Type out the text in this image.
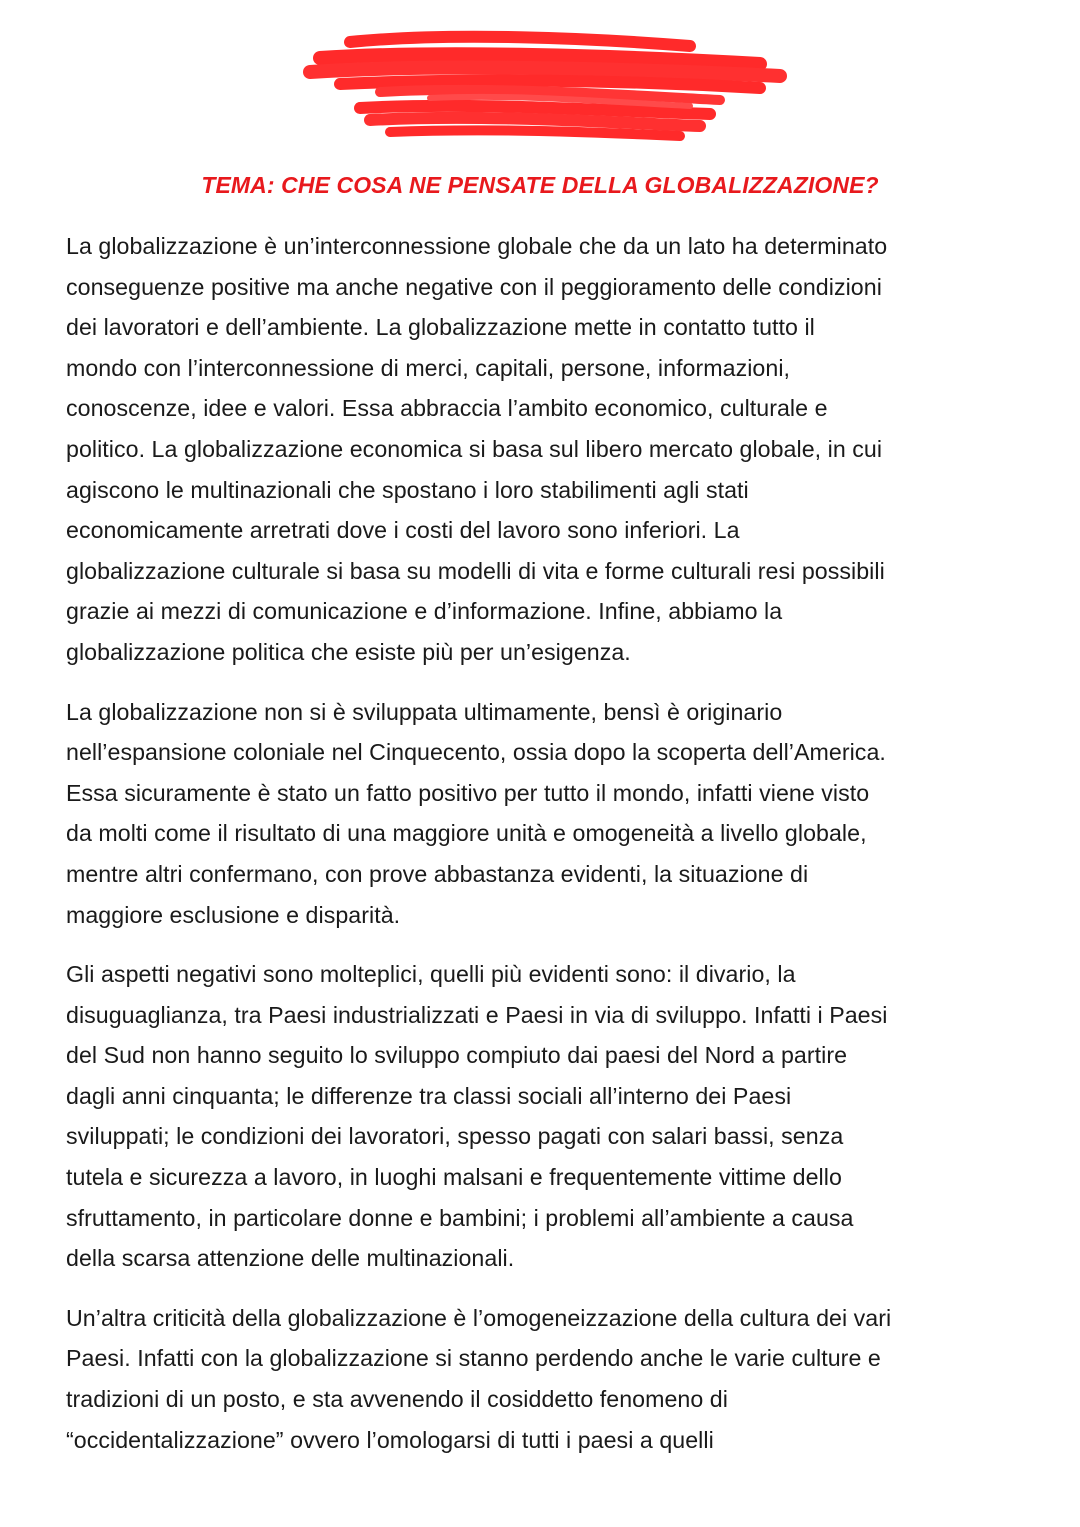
TEMA: CHE COSA NE PENSATE DELLA GLOBALIZZAZIONE?

La globalizzazione è un’interconnessione globale che da un lato ha determinato
conseguenze positive ma anche negative con il peggioramento delle condizioni
dei lavoratori e dell’ambiente. La globalizzazione mette in contatto tutto il
mondo con l’interconnessione di merci, capitali, persone, informazioni,
conoscenze, idee e valori. Essa abbraccia l’ambito economico, culturale e
politico. La globalizzazione economica si basa sul libero mercato globale, in cui
agiscono le multinazionali che spostano i loro stabilimenti agli stati
economicamente arretrati dove i costi del lavoro sono inferiori. La
globalizzazione culturale si basa su modelli di vita e forme culturali resi possibili
grazie ai mezzi di comunicazione e d’informazione. Infine, abbiamo la
globalizzazione politica che esiste più per un’esigenza.

La globalizzazione non si è sviluppata ultimamente, bensì è originario
nell’espansione coloniale nel Cinquecento, ossia dopo la scoperta dell’America.
Essa sicuramente è stato un fatto positivo per tutto il mondo, infatti viene visto
da molti come il risultato di una maggiore unità e omogeneità a livello globale,
mentre altri confermano, con prove abbastanza evidenti, la situazione di
maggiore esclusione e disparità.

Gli aspetti negativi sono molteplici, quelli più evidenti sono: il divario, la
disuguaglianza, tra Paesi industrializzati e Paesi in via di sviluppo. Infatti i Paesi
del Sud non hanno seguito lo sviluppo compiuto dai paesi del Nord a partire
dagli anni cinquanta; le differenze tra classi sociali all’interno dei Paesi
sviluppati; le condizioni dei lavoratori, spesso pagati con salari bassi, senza
tutela e sicurezza a lavoro, in luoghi malsani e frequentemente vittime dello
sfruttamento, in particolare donne e bambini; i problemi all’ambiente a causa
della scarsa attenzione delle multinazionali.

Un’altra criticità della globalizzazione è l’omogeneizzazione della cultura dei vari
Paesi. Infatti con la globalizzazione si stanno perdendo anche le varie culture e
tradizioni di un posto, e sta avvenendo il cosiddetto fenomeno di
“occidentalizzazione” ovvero l’omologarsi di tutti i paesi a quelli
